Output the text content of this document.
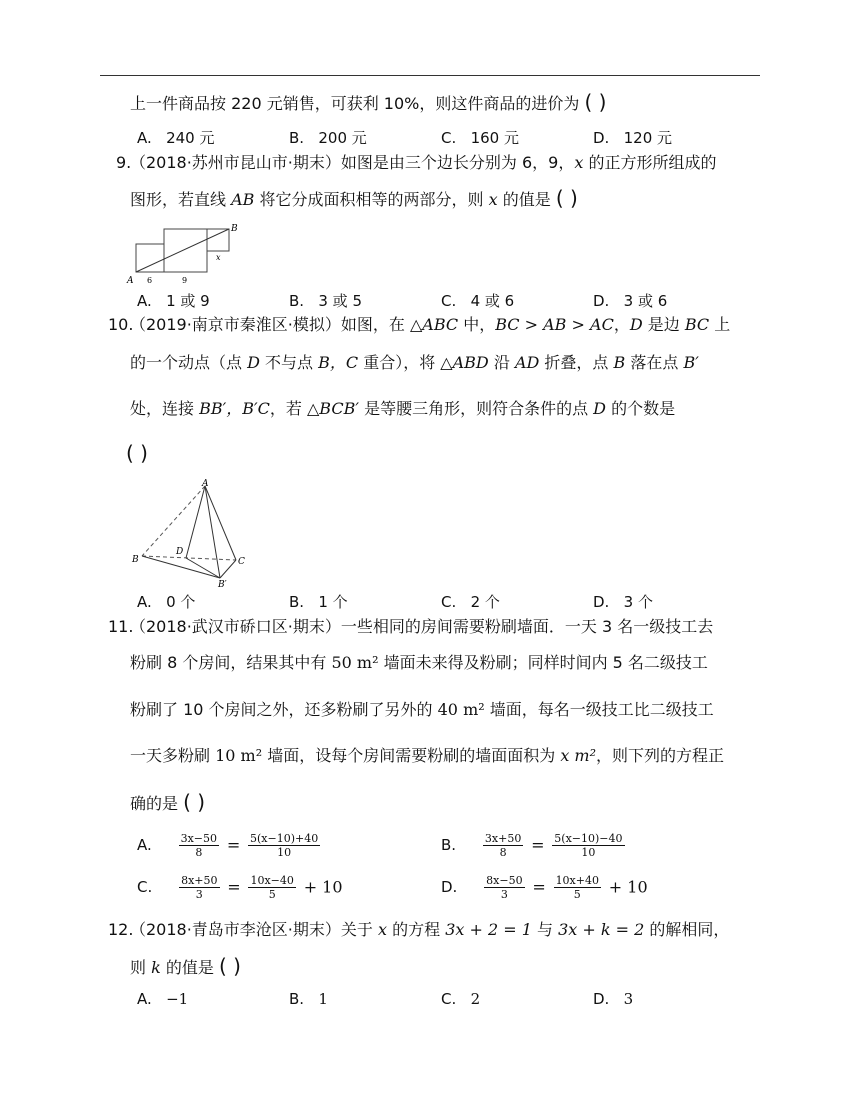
上一件商品按 220 元销售，可获利 10%，则这件商品的进价为 ( )
A. 240 元	B. 200 元	C. 160 元	D. 120 元
9.
（2018·苏州市昆山市·期末）如图是由三个边长分别为 6，9，x 的正方形所组成的
图形，若直线 AB 将它分成面积相等的两部分，则 x 的值是 ( )
A
B
6	9
x
A. 1 或 9	B. 3 或 5	C. 4 或 6	D. 3 或 6
10.
（2019·南京市秦淮区·模拟）如图，在 △ABC 中，BC > AB > AC，D 是边 BC 上
的一个动点（点 D 不与点 B，C 重合），将 △ABD 沿 AD 折叠，点 B 落在点 B′
处，连接 BB′，B′C，若 △BCB′ 是等腰三角形，则符合条件的点 D 的个数是
( )
A
B	C
D
B′
A. 0 个	B. 1 个	C. 2 个	D. 3 个
11.
（2018·武汉市硚口区·期末）一些相同的房间需要粉刷墙面．一天 3 名一级技工去
粉刷 8 个房间，结果其中有 50 m² 墙面未来得及粉刷；同样时间内 5 名二级技工
粉刷了 10 个房间之外，还多粉刷了另外的 40 m² 墙面，每名一级技工比二级技工
一天多粉刷 10 m² 墙面，设每个房间需要粉刷的墙面面积为 x m²，则下列的方程正
确的是 ( )
A. $\frac{3x-50}{8} = \frac{5(x-10)+40}{10}$	B. $\frac{3x+50}{8} = \frac{5(x-10)-40}{10}$
C. $\frac{8x+50}{3} = \frac{10x-40}{5} + 10$	D. $\frac{8x-50}{3} = \frac{10x+40}{5} + 10$
12.
（2018·青岛市李沧区·期末）关于 x 的方程 3x + 2 = 1 与 3x + k = 2 的解相同，
则 k 的值是 ( )
A. −1	B. 1	C. 2	D. 3
